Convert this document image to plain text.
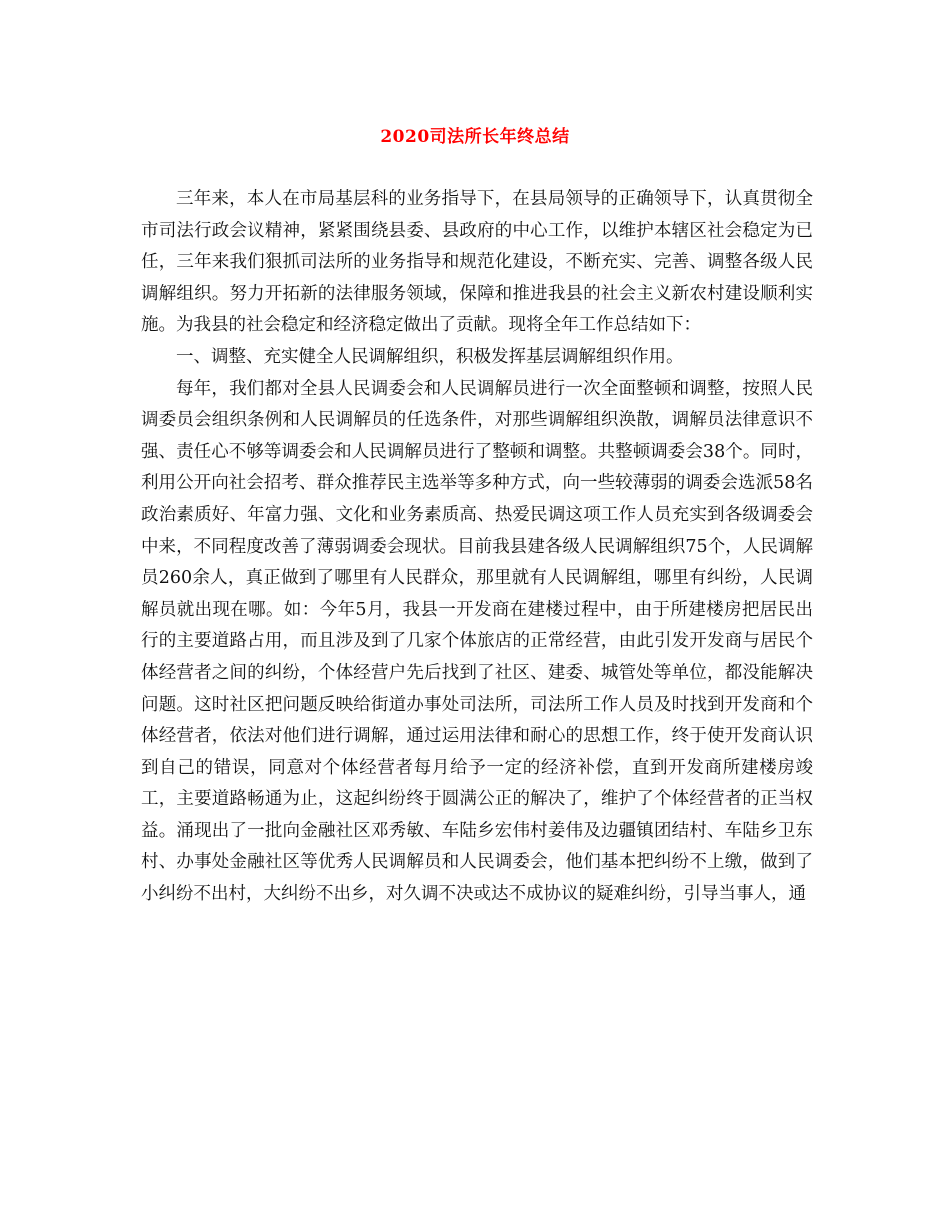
2020司法所长年终总结

三年来，本人在市局基层科的业务指导下，在县局领导的正确领导下，认真贯彻全市司法行政会议精神，紧紧围绕县委、县政府的中心工作，以维护本辖区社会稳定为已任，三年来我们狠抓司法所的业务指导和规范化建设，不断充实、完善、调整各级人民调解组织。努力开拓新的法律服务领域，保障和推进我县的社会主义新农村建设顺利实施。为我县的社会稳定和经济稳定做出了贡献。现将全年工作总结如下：

一、调整、充实健全人民调解组织，积极发挥基层调解组织作用。

每年，我们都对全县人民调委会和人民调解员进行一次全面整顿和调整，按照人民调委员会组织条例和人民调解员的任选条件，对那些调解组织涣散，调解员法律意识不强、责任心不够等调委会和人民调解员进行了整顿和调整。共整顿调委会38个。同时，利用公开向社会招考、群众推荐民主选举等多种方式，向一些较薄弱的调委会选派58名政治素质好、年富力强、文化和业务素质高、热爱民调这项工作人员充实到各级调委会中来，不同程度改善了薄弱调委会现状。目前我县建各级人民调解组织75个，人民调解员260余人，真正做到了哪里有人民群众，那里就有人民调解组，哪里有纠纷，人民调解员就出现在哪。如：今年5月，我县一开发商在建楼过程中，由于所建楼房把居民出行的主要道路占用，而且涉及到了几家个体旅店的正常经营，由此引发开发商与居民个体经营者之间的纠纷，个体经营户先后找到了社区、建委、城管处等单位，都没能解决问题。这时社区把问题反映给街道办事处司法所，司法所工作人员及时找到开发商和个体经营者，依法对他们进行调解，通过运用法律和耐心的思想工作，终于使开发商认识到自己的错误，同意对个体经营者每月给予一定的经济补偿，直到开发商所建楼房竣工，主要道路畅通为止，这起纠纷终于圆满公正的解决了，维护了个体经营者的正当权益。涌现出了一批向金融社区邓秀敏、车陆乡宏伟村姜伟及边疆镇团结村、车陆乡卫东村、办事处金融社区等优秀人民调解员和人民调委会，他们基本把纠纷不上缴，做到了小纠纷不出村，大纠纷不出乡，对久调不决或达不成协议的疑难纠纷，引导当事人，通
